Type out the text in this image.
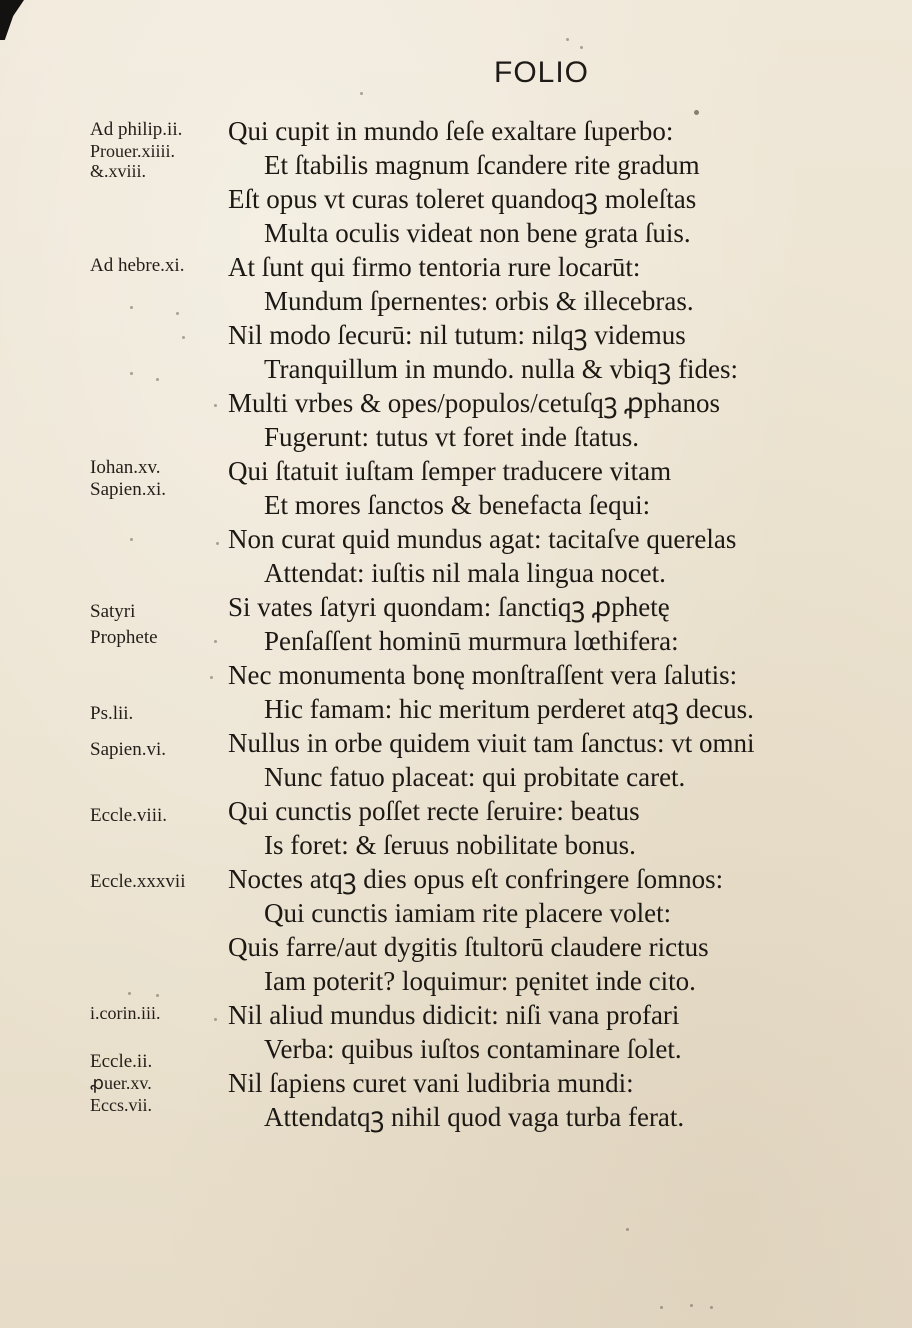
FOLIO
Qui cupit in mundo ſeſe exaltare ſuperbo:
Et ſtabilis magnum ſcandere rite gradum
Eſt opus vt curas toleret quandoqꝫ moleſtas
Multa oculis videat non bene grata ſuis.
At ſunt qui firmo tentoria rure locarūt:
Mundum ſpernentes: orbis & illecebras.
Nil modo ſecurū: nil tutum: nilqꝫ videmus
Tranquillum in mundo. nulla & vbiqꝫ fides:
Multi vrbes & opes/populos/cetuſqꝫ ꝓphanos
Fugerunt: tutus vt foret inde ſtatus.
Qui ſtatuit iuſtam ſemper traducere vitam
Et mores ſanctos & benefacta ſequi:
Non curat quid mundus agat: tacitaſve querelas
Attendat: iuſtis nil mala lingua nocet.
Si vates ſatyri quondam: ſanctiqꝫ ꝓphetę
Penſaſſent hominū murmura lœthifera:
Nec monumenta bonę monſtraſſent vera ſalutis:
Hic famam: hic meritum perderet atqꝫ decus.
Nullus in orbe quidem viuit tam ſanctus: vt omni
Nunc fatuo placeat: qui probitate caret.
Qui cunctis poſſet recte ſeruire: beatus
Is foret: & ſeruus nobilitate bonus.
Noctes atqꝫ dies opus eſt confringere ſomnos:
Qui cunctis iamiam rite placere volet:
Quis farre/aut dygitis ſtultorū claudere rictus
Iam poterit? loquimur: pęnitet inde cito.
Nil aliud mundus didicit: niſi vana profari
Verba: quibus iuſtos contaminare ſolet.
Nil ſapiens curet vani ludibria mundi:
Attendatqꝫ nihil quod vaga turba ferat.
Ad philip.ii.
Prouer.xiiii.
&.xviii.
Ad hebre.xi.
Iohan.xv.
Sapien.xi.
Satyri
Prophete
Ps.lii.
Sapien.vi.
Eccle.viii.
Eccle.xxxvii
i.corin.iii.
Eccle.ii.
ꝓuer.xv.
Eccs.vii.
